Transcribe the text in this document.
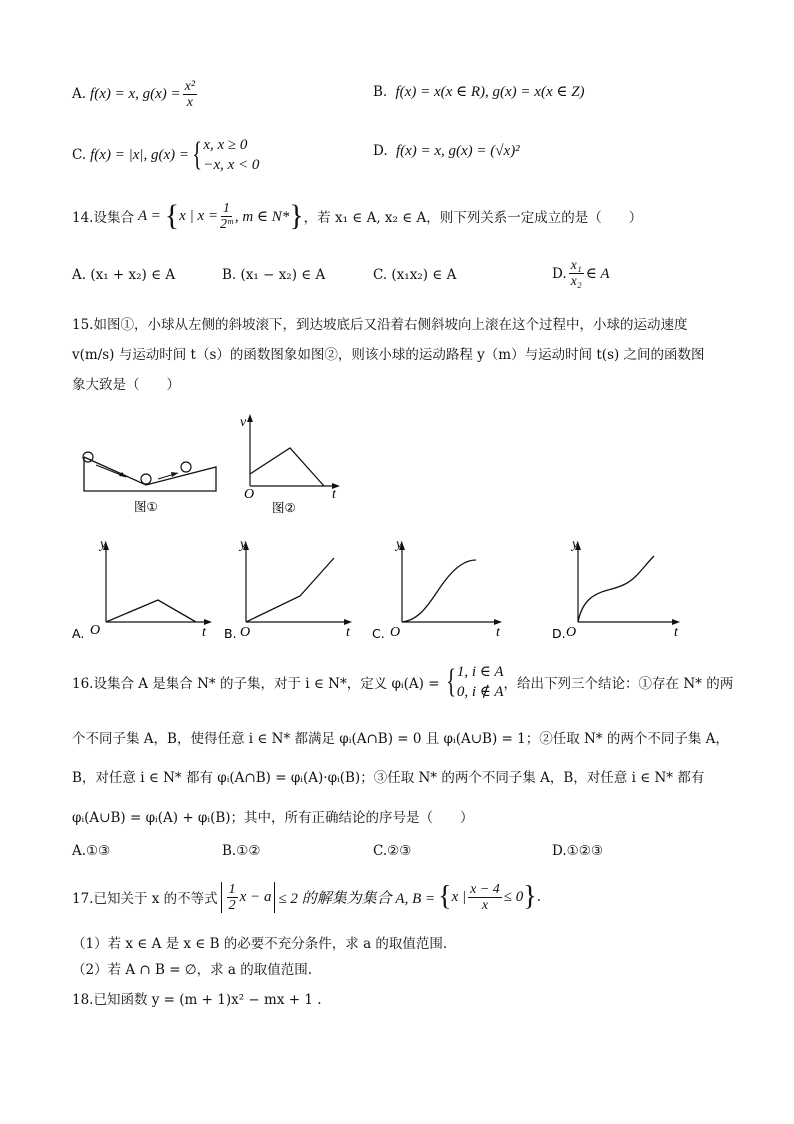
A. f(x) = x, $g(x) = \frac{\text{x²}}{x}$	B. f(x) = x(x ∈ R), g(x) = x(x ∈ Z)
C. f(x) = |x|, g(x) = { x, x ≥ 0
−x, x < 0
D. f(x) = x, g(x) = (√x)²
14.设集合 A = { x | $x = \frac{1}{\text{2ᵐ}}$ , m ∈ N* } ，若 x₁ ∈ A, x₂ ∈ A，则下列关系一定成立的是（　　）
A. (x₁ + x₂) ∈ A	B. (x₁ − x₂) ∈ A	C. (x₁x₂) ∈ A	D. $\frac{\text{x₁}}{\text{x₂}}$ ∈ A
15.如图①，小球从左侧的斜坡滚下，到达坡底后又沿着右侧斜坡向上滚在这个过程中，小球的运动速度
v(m/s) 与运动时间 t（s）的函数图象如图②，则该小球的运动路程 y（m）与运动时间 t(s) 之间的函数图
象大致是（　　）
图①
v
O	t
图②
y
O	t
A.
y
O	t
B.
y
O	t
C.
y
O	t
D.
16.设集合 A 是集合 N* 的子集，对于 i ∈ N*，定义 φᵢ(A) = { 1, i ∈ A
0, i ∉ A ，给出下列三个结论：①存在 N* 的两
个不同子集 A，B，使得任意 i ∈ N* 都满足 φᵢ(A∩B) = 0 且 φᵢ(A∪B) = 1；②任取 N* 的两个不同子集 A，
B，对任意 i ∈ N* 都有 φᵢ(A∩B) = φᵢ(A)·φᵢ(B)；③任取 N* 的两个不同子集 A，B，对任意 i ∈ N* 都有
φᵢ(A∪B) = φᵢ(A) + φᵢ(B)；其中，所有正确结论的序号是（　　）
A.①③	B.①②	C.②③	D.①②③
17.已知关于 x 的不等式 $\frac{1}{2}$ x − a ≤ 2 的解集为集合 A, B = { x | $\frac{x - 4}{x} \le 0$ } .
（1）若 x ∈ A 是 x ∈ B 的必要不充分条件，求 a 的取值范围.
（2）若 A ∩ B = ∅，求 a 的取值范围.
18.已知函数 y = (m + 1)x² − mx + 1 .
